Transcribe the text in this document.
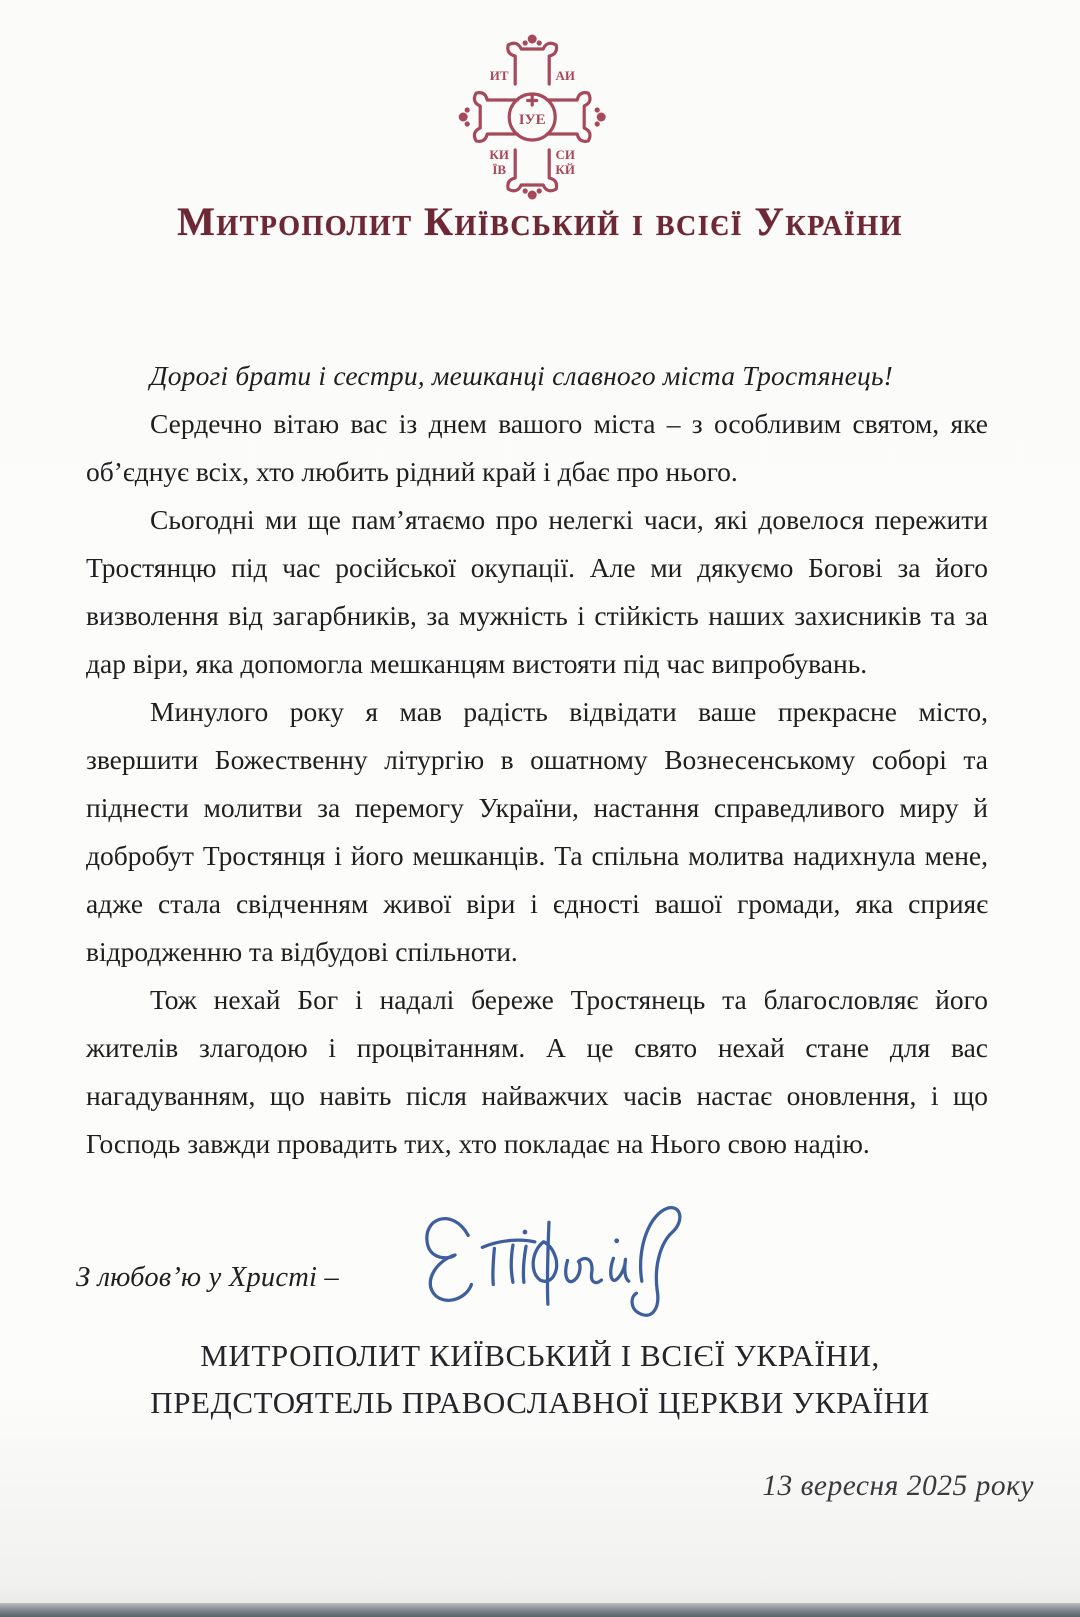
ІУЕ
ИТ	АИ
КИ
ЇВ
СИ
КЙ
Митрополит Київський і всієї України

Дорогі брати і сестри, мешканці славного міста Тростянець!

Сердечно вітаю вас із днем вашого міста – з особливим святом, яке об’єднує всіх, хто любить рідний край і дбає про нього.

Сьогодні ми ще пам’ятаємо про нелегкі часи, які довелося пережити Тростянцю під час російської окупації. Але ми дякуємо Богові за його визволення від загарбників, за мужність і стійкість наших захисників та за дар віри, яка допомогла мешканцям вистояти під час випробувань.

Минулого року я мав радість відвідати ваше прекрасне місто, звершити Божественну літургію в ошатному Вознесенському соборі та піднести молитви за перемогу України, настання справедливого миру й добробут Тростянця і його мешканців. Та спільна молитва надихнула мене, адже стала свідченням живої віри і єдності вашої громади, яка сприяє відродженню та відбудові спільноти.

Тож нехай Бог і надалі береже Тростянець та благословляє його жителів злагодою і процвітанням. А це свято нехай стане для вас нагадуванням, що навіть після найважчих часів настає оновлення, і що Господь завжди провадить тих, хто покладає на Нього свою надію.

З любов’ю у Христі –
МИТРОПОЛИТ КИЇВСЬКИЙ І ВСІЄЇ УКРАЇНИ,
ПРЕДСТОЯТЕЛЬ ПРАВОСЛАВНОЇ ЦЕРКВИ УКРАЇНИ
13 вересня 2025 року
